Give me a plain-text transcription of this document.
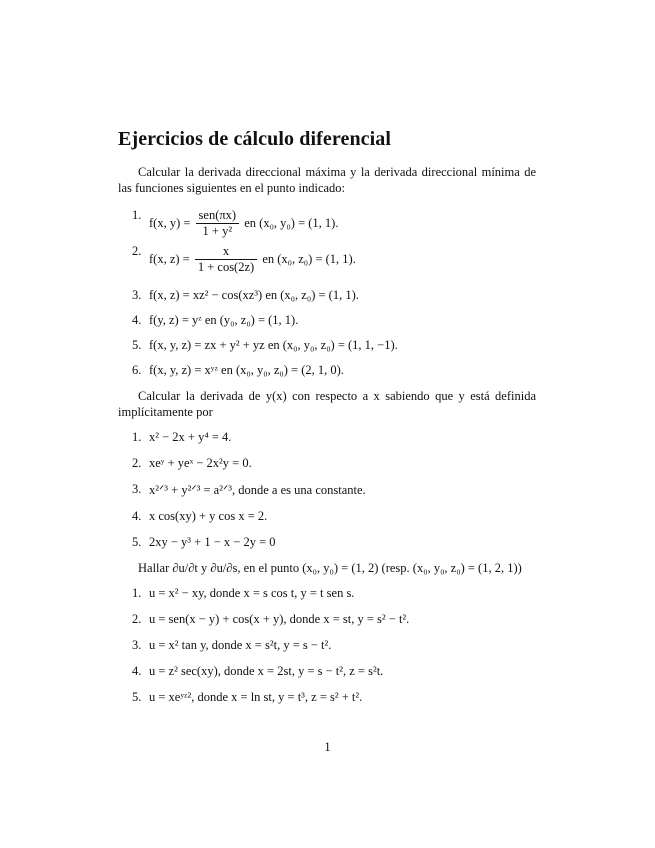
Ejercicios de cálculo diferencial

Calcular la derivada direccional máxima y la derivada direccional mínima de las funciones siguientes en el punto indicado:

1.
f(x, $y) = \frac{\text{sen(πx)}}{\text{1 + y²}}$ en (x₀, y₀) = (1, 1).
2.
f(x, $z) = \frac{x}{1 + \cos(2z)}$ en (x₀, z₀) = (1, 1).
3. f(x, z) = xz² − cos(xz³) en (x₀, z₀) = (1, 1).
4. f(y, z) = yᶻ en (y₀, z₀) = (1, 1).
5. f(x, y, z) = zx + y² + yz en (x₀, y₀, z₀) = (1, 1, −1).
6. f(x, y, z) = xʸᶻ en (x₀, y₀, z₀) = (2, 1, 0).

Calcular la derivada de y(x) con respecto a x sabiendo que y está definida implícitamente por

1. x² − 2x + y⁴ = 4.
2. xeʸ + yeˣ − 2x²y = 0.
3. x²ᐟ³ + y²ᐟ³ = a²ᐟ³, donde a es una constante.
4. x cos(xy) + y cos x = 2.
5. 2xy − y³ + 1 − x − 2y = 0

Hallar ∂u/∂t y ∂u/∂s, en el punto (x₀, y₀) = (1, 2) (resp. (x₀, y₀, z₀) = (1, 2, 1))

1. u = x² − xy, donde x = s cos t, y = t sen s.
2. u = sen(x − y) + cos(x + y), donde x = st, y = s² − t².
3. u = x² tan y, donde x = s²t, y = s − t².
4. u = z² sec(xy), donde x = 2st, y = s − t², z = s²t.
5. u = xeʸᶻ², donde x = ln st, y = t³, z = s² + t².
1
